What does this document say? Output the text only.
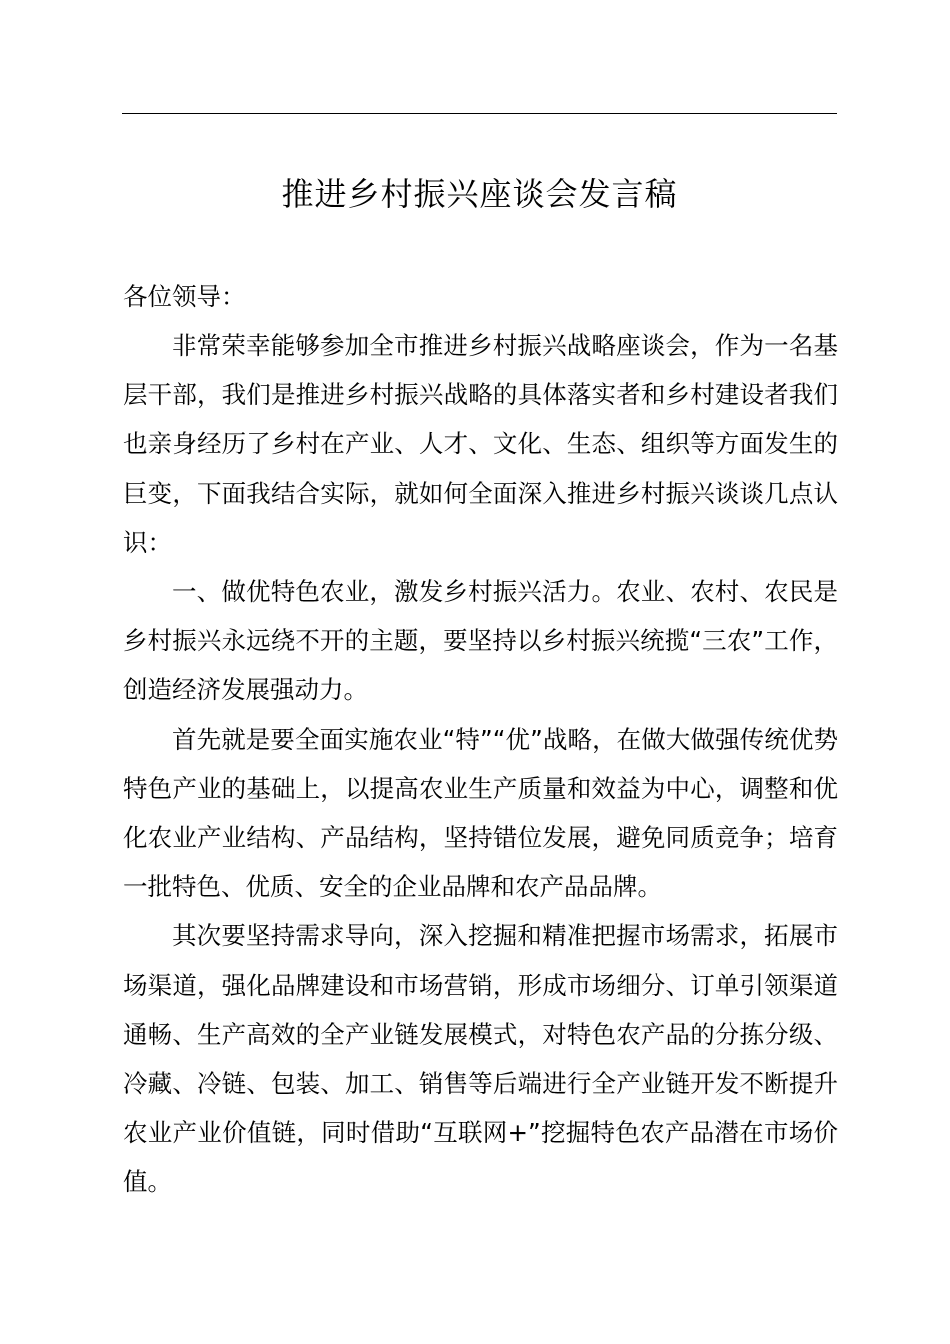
推进乡村振兴座谈会发言稿
各位领导：

非常荣幸能够参加全市推进乡村振兴战略座谈会，作为一名基层干部，我们是推进乡村振兴战略的具体落实者和乡村建设者我们也亲身经历了乡村在产业、人才、文化、生态、组织等方面发生的巨变，下面我结合实际，就如何全面深入推进乡村振兴谈谈几点认识：

一、做优特色农业，激发乡村振兴活力。农业、农村、农民是乡村振兴永远绕不开的主题，要坚持以乡村振兴统揽“三农”工作，创造经济发展强动力。

首先就是要全面实施农业“特”“优”战略，在做大做强传统优势特色产业的基础上，以提高农业生产质量和效益为中心，调整和优化农业产业结构、产品结构，坚持错位发展，避免同质竞争；培育一批特色、优质、安全的企业品牌和农产品品牌。

其次要坚持需求导向，深入挖掘和精准把握市场需求，拓展市场渠道，强化品牌建设和市场营销，形成市场细分、订单引领渠道通畅、生产高效的全产业链发展模式，对特色农产品的分拣分级、冷藏、冷链、包装、加工、销售等后端进行全产业链开发不断提升农业产业价值链，同时借助“互联网+”挖掘特色农产品潜在市场价值。
